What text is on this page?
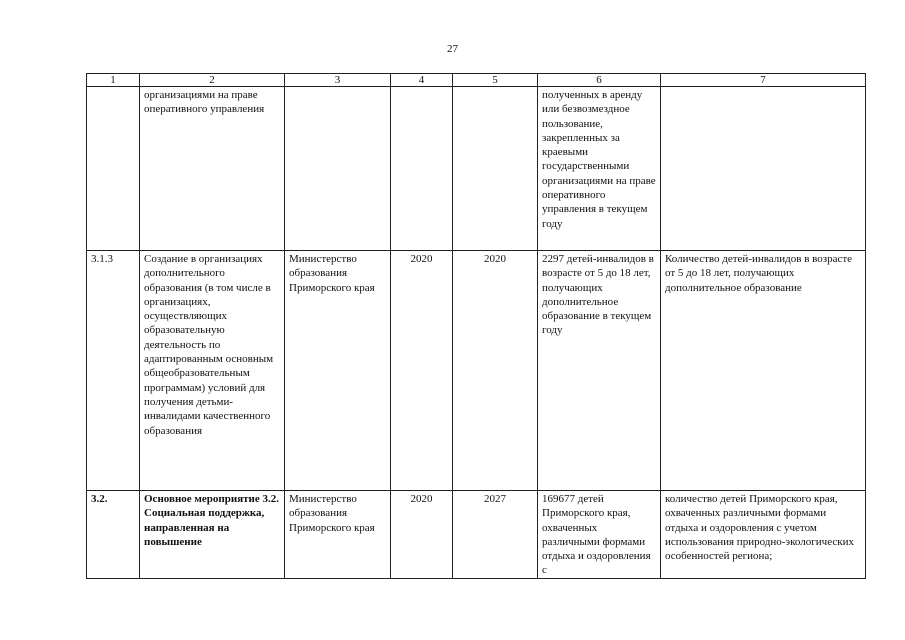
27
1	2	3	4	5	6	7
	организациями на праве оперативного управления				полученных в аренду или безвозмездное пользование, закрепленных за краевыми государственными организациями на праве оперативного управления в текущем году	
3.1.3	Создание в организациях дополнительного образования (в том числе в организациях, осуществляющих образовательную деятельность по адаптированным основным общеобразовательным программам) условий для получения детьми-инвалидами качественного образования	Министерство образования Приморского края	2020	2020	2297 детей-инвалидов в возрасте от 5 до 18 лет, получающих дополнительное образование в текущем году	Количество детей-инвалидов в возрасте от 5 до 18 лет, получающих дополнительное образование
3.2.	Основное мероприятие 3.2. Социальная поддержка, направленная на повышение	Министерство образования Приморского края	2020	2027	169677 детей Приморского края, охваченных различными формами отдыха и оздоровления с	количество детей Приморского края, охваченных различными формами отдыха и оздоровления с учетом использования природно-экологических особенностей региона;
